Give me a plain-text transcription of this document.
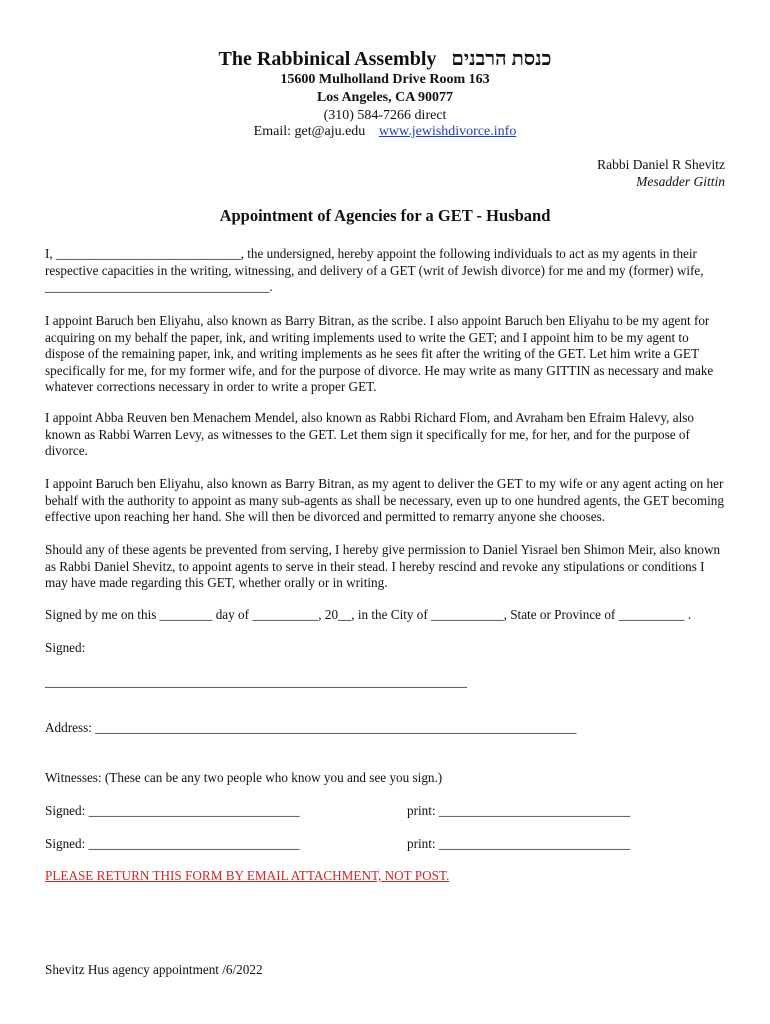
The Rabbinical Assembly כנסת הרבנים
15600 Mulholland Drive Room 163
Los Angeles, CA 90077
(310) 584-7266 direct
Email: get@aju.edu www.jewishdivorce.info
Rabbi Daniel R Shevitz
Mesadder Gittin
Appointment of Agencies for a GET - Husband

I, ____________________________, the undersigned, hereby appoint the following individuals to act as my agents in their respective capacities in the writing, witnessing, and delivery of a GET (writ of Jewish divorce) for me and my (former) wife, __________________________________.

I appoint Baruch ben Eliyahu, also known as Barry Bitran, as the scribe. I also appoint Baruch ben Eliyahu to be my agent for acquiring on my behalf the paper, ink, and writing implements used to write the GET; and I appoint him to be my agent to dispose of the remaining paper, ink, and writing implements as he sees fit after the writing of the GET. Let him write a GET specifically for me, for my former wife, and for the purpose of divorce. He may write as many GITTIN as necessary and make whatever corrections necessary in order to write a proper GET.

I appoint Abba Reuven ben Menachem Mendel, also known as Rabbi Richard Flom, and Avraham ben Efraim Halevy, also known as Rabbi Warren Levy, as witnesses to the GET. Let them sign it specifically for me, for her, and for the purpose of divorce.

I appoint Baruch ben Eliyahu, also known as Barry Bitran, as my agent to deliver the GET to my wife or any agent acting on her behalf with the authority to appoint as many sub-agents as shall be necessary, even up to one hundred agents, the GET becoming effective upon reaching her hand. She will then be divorced and permitted to remarry anyone she chooses.

Should any of these agents be prevented from serving, I hereby give permission to Daniel Yisrael ben Shimon Meir, also known as Rabbi Daniel Shevitz, to appoint agents to serve in their stead. I hereby rescind and revoke any stipulations or conditions I may have made regarding this GET, whether orally or in writing.

Signed by me on this ________ day of __________, 20__, in the City of ___________, State or Province of __________ .

Signed:

________________________________________________________________

Address: _________________________________________________________________________

Witnesses: (These can be any two people who know you and see you sign.)

Signed: ________________________________	print: _____________________________
Signed: ________________________________	print: _____________________________
PLEASE RETURN THIS FORM BY EMAIL ATTACHMENT, NOT POST.
Shevitz Hus agency appointment /6/2022
